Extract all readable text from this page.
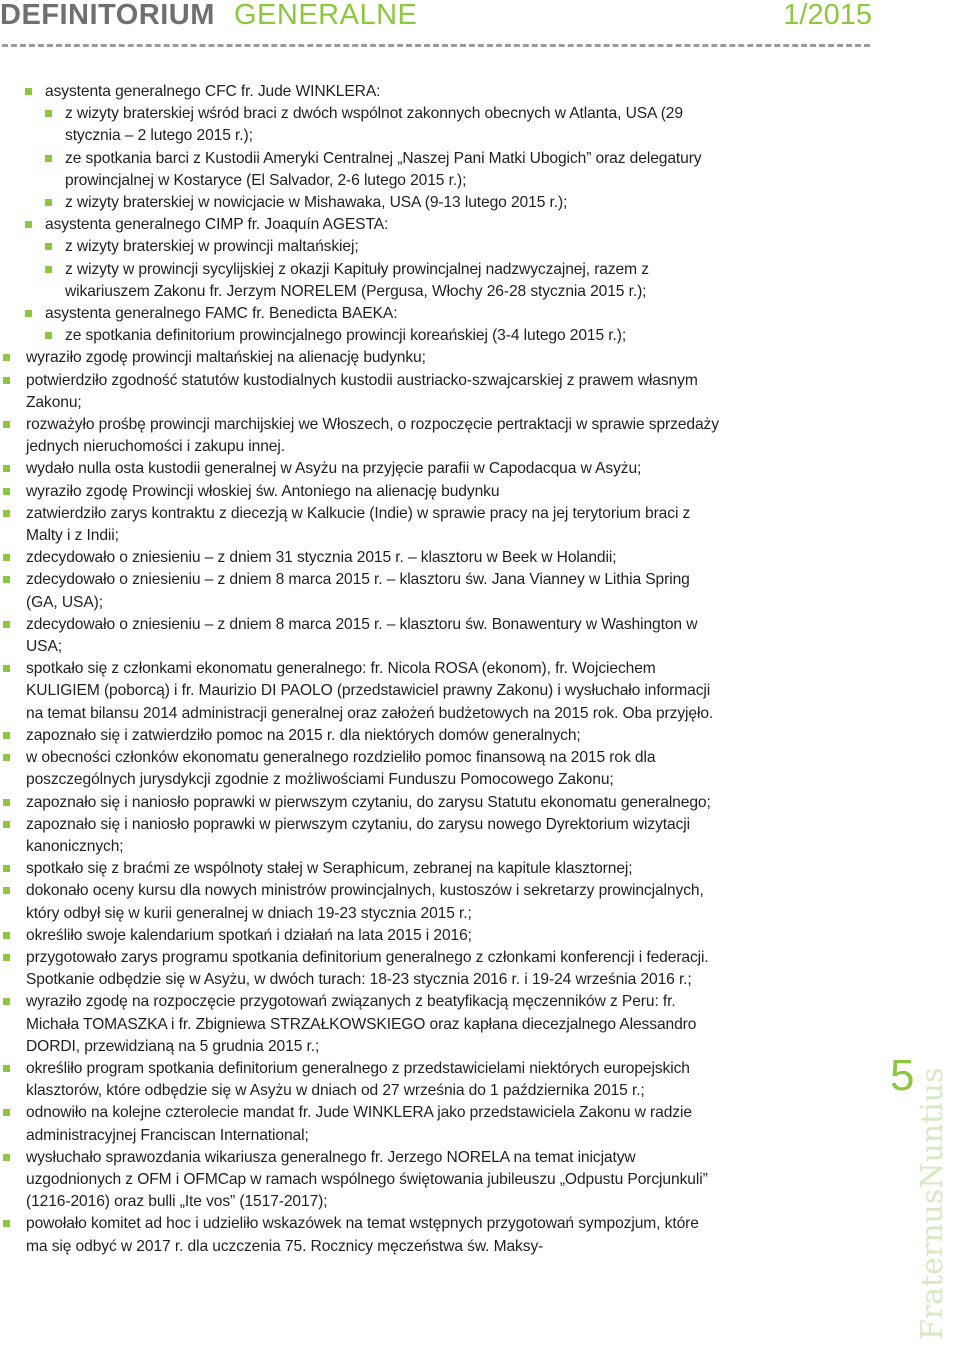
DEFINITORIUM GENERALNE	1/2015
asystenta generalnego CFC fr. Jude WINKLERA:
z wizyty braterskiej wśród braci z dwóch wspólnot zakonnych obecnych w Atlanta, USA (29 stycznia – 2 lutego 2015 r.);
ze spotkania barci z Kustodii Ameryki Centralnej „Naszej Pani Matki Ubogich” oraz delegatury prowincjalnej w Kostaryce (El Salvador, 2-6 lutego 2015 r.);
z wizyty braterskiej w nowicjacie w Mishawaka, USA (9-13 lutego 2015 r.);
asystenta generalnego CIMP fr. Joaquín AGESTA:
z wizyty braterskiej w prowincji maltańskiej;
z wizyty w prowincji sycylijskiej z okazji Kapituły prowincjalnej nadzwyczajnej, razem z wikariuszem Zakonu fr. Jerzym NORELEM (Pergusa, Włochy 26-28 stycznia 2015 r.);
asystenta generalnego FAMC fr. Benedicta BAEKA:
ze spotkania definitorium prowincjalnego prowincji koreańskiej (3-4 lutego 2015 r.);
wyraziło zgodę prowincji maltańskiej na alienację budynku;
potwierdziło zgodność statutów kustodialnych kustodii austriacko-szwajcarskiej z prawem własnym Zakonu;
rozważyło prośbę prowincji marchijskiej we Włoszech, o rozpoczęcie pertraktacji w sprawie sprzedaży jednych nieruchomości i zakupu innej.
wydało nulla osta kustodii generalnej w Asyżu na przyjęcie parafii w Capodacqua w Asyżu;
wyraziło zgodę Prowincji włoskiej św. Antoniego na alienację budynku
zatwierdziło zarys kontraktu z diecezją w Kalkucie (Indie) w sprawie pracy na jej terytorium braci z Malty i z Indii;
zdecydowało o zniesieniu – z dniem 31 stycznia 2015 r. – klasztoru w Beek w Holandii;
zdecydowało o zniesieniu – z dniem 8 marca 2015 r. – klasztoru św. Jana Vianney w Lithia Spring (GA, USA);
zdecydowało o zniesieniu – z dniem 8 marca 2015 r. – klasztoru św. Bonawentury w Washington w USA;
spotkało się z członkami ekonomatu generalnego: fr. Nicola ROSA (ekonom), fr. Wojciechem KULIGIEM (poborcą) i fr. Maurizio DI PAOLO (przedstawiciel prawny Zakonu) i wysłuchało informacji na temat bilansu 2014 administracji generalnej oraz założeń budżetowych na 2015 rok. Oba przyjęło.
zapoznało się i zatwierdziło pomoc na 2015 r. dla niektórych domów generalnych;
w obecności członków ekonomatu generalnego rozdzieliło pomoc finansową na 2015 rok dla poszczególnych jurysdykcji zgodnie z możliwościami Funduszu Pomocowego Zakonu;
zapoznało się i naniosło poprawki w pierwszym czytaniu, do zarysu Statutu ekonomatu generalnego;
zapoznało się i naniosło poprawki w pierwszym czytaniu, do zarysu nowego Dyrektorium wizytacji kanonicznych;
spotkało się z braćmi ze wspólnoty stałej w Seraphicum, zebranej na kapitule klasztornej;
dokonało oceny kursu dla nowych ministrów prowincjalnych, kustoszów i sekretarzy prowincjalnych, który odbył się w kurii generalnej w dniach 19-23 stycznia 2015 r.;
określiło swoje kalendarium spotkań i działań na lata 2015 i 2016;
przygotowało zarys programu spotkania definitorium generalnego z członkami konferencji i federacji. Spotkanie odbędzie się w Asyżu, w dwóch turach: 18-23 stycznia 2016 r. i 19-24 września 2016 r.;
wyraziło zgodę na rozpoczęcie przygotowań związanych z beatyfikacją męczenników z Peru: fr. Michała TOMASZKA i fr. Zbigniewa STRZAŁKOWSKIEGO oraz kapłana diecezjalnego Alessandro DORDI, przewidzianą na 5 grudnia 2015 r.;
określiło program spotkania definitorium generalnego z przedstawicielami niektórych europejskich klasztorów, które odbędzie się w Asyżu w dniach od 27 września do 1 października 2015 r.;
odnowiło na kolejne czterolecie mandat fr. Jude WINKLERA jako przedstawiciela Zakonu w radzie administracyjnej Franciscan International;
wysłuchało sprawozdania wikariusza generalnego fr. Jerzego NORELA na temat inicjatyw uzgodnionych z OFM i OFMCap w ramach wspólnego świętowania jubileuszu „Odpustu Porcjunkuli” (1216-2016) oraz bulli „Ite vos” (1517-2017);
powołało komitet ad hoc i udzieliło wskazówek na temat wstępnych przygotowań sympozjum, które ma się odbyć w 2017 r. dla uczczenia 75. Rocznicy męczeństwa św. Maksy-
5 FraternusNuntius
